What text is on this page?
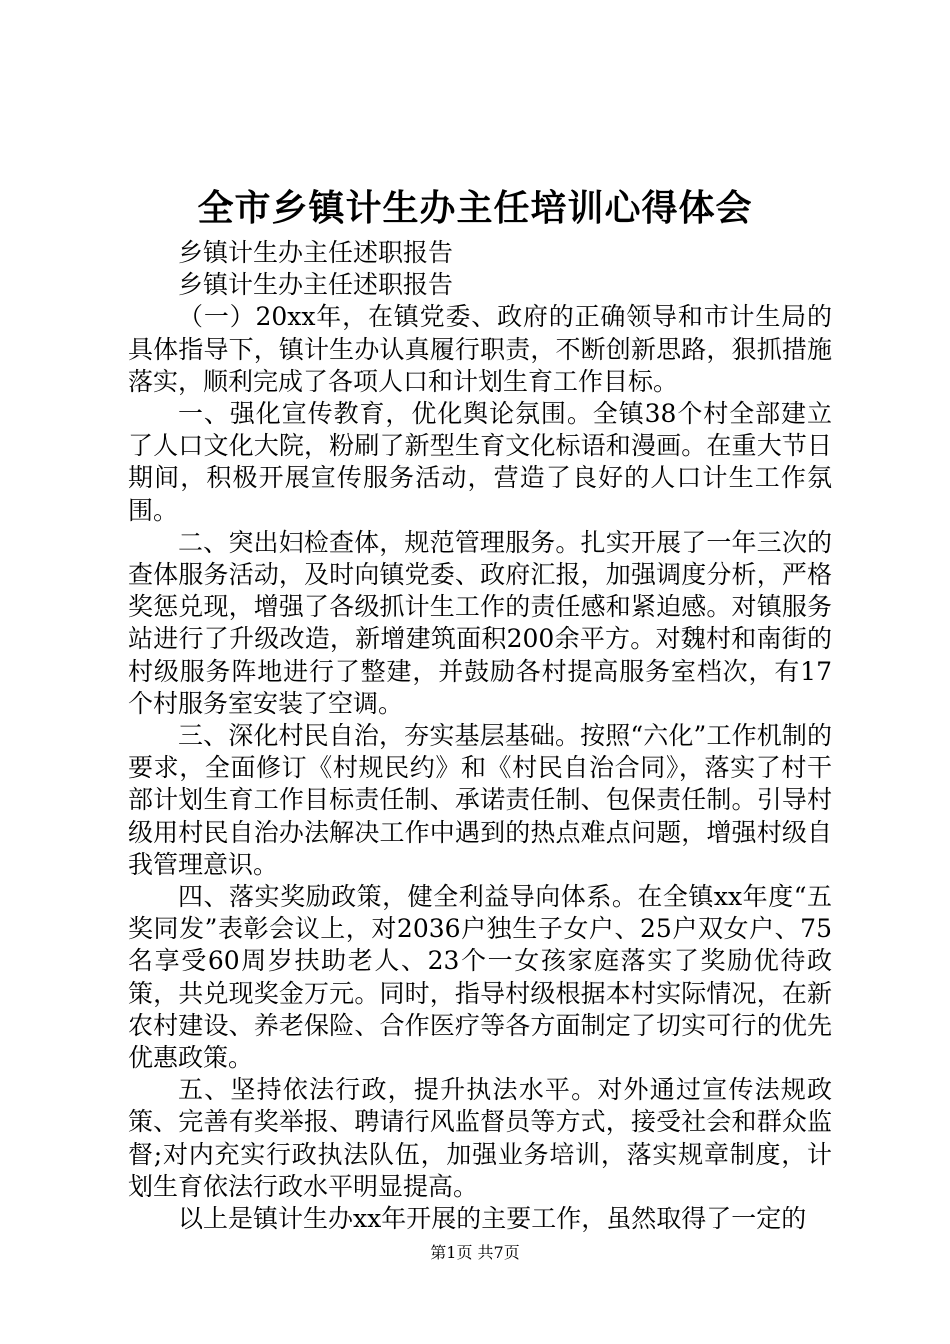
全市乡镇计生办主任培训心得体会

乡镇计生办主任述职报告

乡镇计生办主任述职报告

（一）20xx年，在镇党委、政府的正确领导和市计生局的具体指导下，镇计生办认真履行职责，不断创新思路，狠抓措施落实，顺利完成了各项人口和计划生育工作目标。

一、强化宣传教育，优化舆论氛围。全镇38个村全部建立了人口文化大院，粉刷了新型生育文化标语和漫画。在重大节日期间，积极开展宣传服务活动，营造了良好的人口计生工作氛围。

二、突出妇检查体，规范管理服务。扎实开展了一年三次的查体服务活动，及时向镇党委、政府汇报，加强调度分析，严格奖惩兑现，增强了各级抓计生工作的责任感和紧迫感。对镇服务站进行了升级改造，新增建筑面积200余平方。对魏村和南街的村级服务阵地进行了整建，并鼓励各村提高服务室档次，有17个村服务室安装了空调。

三、深化村民自治，夯实基层基础。按照“六化”工作机制的要求，全面修订《村规民约》和《村民自治合同》，落实了村干部计划生育工作目标责任制、承诺责任制、包保责任制。引导村级用村民自治办法解决工作中遇到的热点难点问题，增强村级自我管理意识。

四、落实奖励政策，健全利益导向体系。在全镇xx年度“五奖同发”表彰会议上，对2036户独生子女户、25户双女户、75名享受60周岁扶助老人、23个一女孩家庭落实了奖励优待政策，共兑现奖金万元。同时，指导村级根据本村实际情况，在新农村建设、养老保险、合作医疗等各方面制定了切实可行的优先优惠政策。

五、坚持依法行政，提升执法水平。对外通过宣传法规政策、完善有奖举报、聘请行风监督员等方式，接受社会和群众监督;对内充实行政执法队伍，加强业务培训，落实规章制度，计划生育依法行政水平明显提高。

以上是镇计生办xx年开展的主要工作，虽然取得了一定的

第1页 共7页
